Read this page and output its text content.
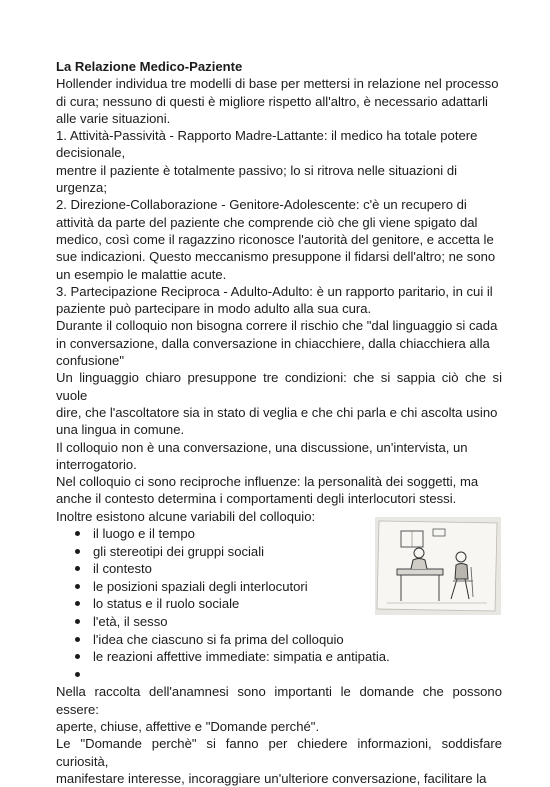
La Relazione Medico-Paziente

Hollender individua tre modelli di base per mettersi in relazione nel processo
di cura; nessuno di questi è migliore rispetto all'altro, è necessario adattarli
alle varie situazioni.
1. Attività-Passività - Rapporto Madre-Lattante: il medico ha totale potere
decisionale,
mentre il paziente è totalmente passivo; lo si ritrova nelle situazioni di
urgenza;
2. Direzione-Collaborazione - Genitore-Adolescente: c'è un recupero di
attività da parte del paziente che comprende ciò che gli viene spigato dal
medico, così come il ragazzino riconosce l'autorità del genitore, e accetta le
sue indicazioni. Questo meccanismo presuppone il fidarsi dell'altro; ne sono
un esempio le malattie acute.
3. Partecipazione Reciproca - Adulto-Adulto: è un rapporto paritario, in cui il
paziente può partecipare in modo adulto alla sua cura.
Durante il colloquio non bisogna correre il rischio che "dal linguaggio si cada
in conversazione, dalla conversazione in chiacchiere, dalla chiacchiera alla
confusione"
Un linguaggio chiaro presuppone tre condizioni: che si sappia ciò che si vuole
dire, che l'ascoltatore sia in stato di veglia e che chi parla e chi ascolta usino
una lingua in comune.
Il colloquio non è una conversazione, una discussione, un'intervista, un
interrogatorio.
Nel colloquio ci sono reciproche influenze: la personalità dei soggetti, ma
anche il contesto determina i comportamenti degli interlocutori stessi.
Inoltre esistono alcune variabili del colloquio:
il luogo e il tempo
gli stereotipi dei gruppi sociali
il contesto
le posizioni spaziali degli interlocutori
lo status e il ruolo sociale
l'età, il sesso
l'idea che ciascuno si fa prima del colloquio
le reazioni affettive immediate: simpatia e antipatia.
Nella raccolta dell'anamnesi sono importanti le domande che possono essere:
aperte, chiuse, affettive e "Domande perché".
Le "Domande perchè" si fanno per chiedere informazioni, soddisfare curiosità,
manifestare interesse, incoraggiare un'ulteriore conversazione, facilitare la
